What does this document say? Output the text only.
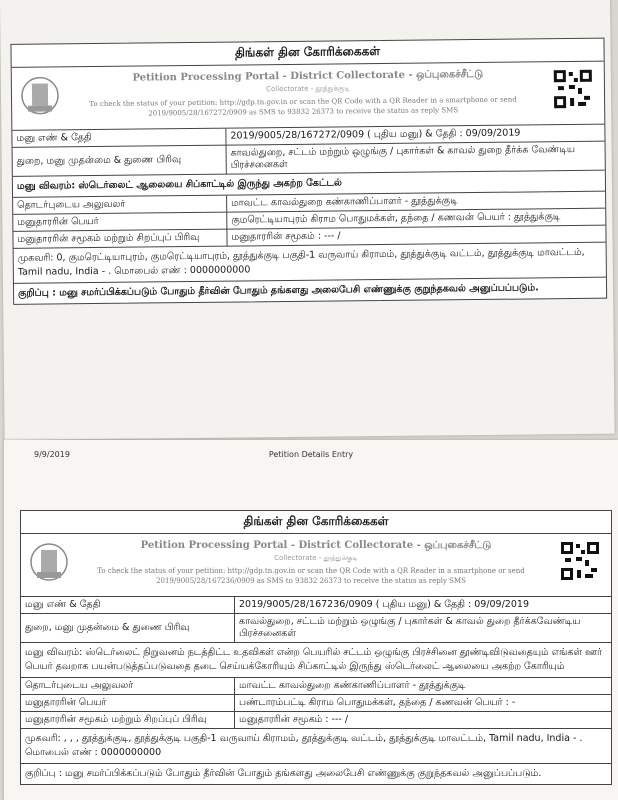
திங்கள் தின கோரிக்கைகள்
Petition Processing Portal - District Collectorate - ஒப்புகைச்சீட்டு
Collectorate - தூத்துக்குடி
To check the status of your petition: http://gdp.tn.gov.in or scan the QR Code with a QR Reader in a smartphone or send 2019/9005/28/167272/0909 as SMS to 93832 26373 to receive the status as reply SMS
மனு எண் & தேதி	2019/9005/28/167272/0909 ( புதிய மனு) & தேதி : 09/09/2019
துறை, மனு முதன்மை & துணை பிரிவு	காவல்துறை, சட்டம் மற்றும் ஒழுங்கு / புகார்கள் & காவல் துறை தீர்க்க வேண்டிய பிரச்சனைகள்
மனு விவரம்: ஸ்டெர்லைட் ஆலையை சிப்காட்டில் இருந்து அகற்ற கேட்டல்
தொடர்புடைய அலுவலர்	மாவட்ட காவல்துறை கண்காணிப்பாளர் - தூத்துக்குடி
மனுதாரரின் பெயர்	குமரெட்டியாபுரம் கிராம பொதுமக்கள், தந்தை / கணவன் பெயர் : தூத்துக்குடி
மனுதாரரின் சமூகம் மற்றும் சிறப்புப் பிரிவு	மனுதாரரின் சமூகம் : --- /
முகவரி: 0, குமரெட்டியாபுரம், குமரெட்டியாபுரம், தூத்துக்குடி பகுதி-1 வருவாய் கிராமம், தூத்துக்குடி வட்டம், தூத்துக்குடி மாவட்டம், Tamil nadu, India - . மொபைல் எண் : 0000000000
குறிப்பு : மனு சமர்ப்பிக்கப்படும் போதும் தீர்வின் போதும் தங்களது அலைபேசி எண்ணுக்கு குறுந்தகவல் அனுப்பப்படும்.
9/9/2019	Petition Details Entry
திங்கள் தின கோரிக்கைகள்
Petition Processing Portal - District Collectorate - ஒப்புகைச்சீட்டு
Collectorate - தூத்துக்குடி
To check the status of your petition: http://gdp.tn.gov.in or scan the QR Code with a QR Reader in a smartphone or send 2019/9005/28/167236/0909 as SMS to 93832 26373 to receive the status as reply SMS
மனு எண் & தேதி	2019/9005/28/167236/0909 ( புதிய மனு) & தேதி : 09/09/2019
துறை, மனு முதன்மை & துணை பிரிவு	காவல்துறை, சட்டம் மற்றும் ஒழுங்கு / புகார்கள் & காவல் துறை தீர்க்கவேண்டிய பிரச்சனைகள்
மனு விவரம்: ஸ்டெர்லைட் நிறுவனம் நடத்திட்ட உதவிகள் என்ற பெயரில் சட்டம் ஒழுங்கு பிரச்சினை தூண்டிவிடுவதையும் எங்கள் ஊர் பெயர் தவறாக பயன்படுத்தப்படுவதை தடை செய்யக்கோரியும் சிப்காட்டில் இருந்து ஸ்டெர்லைட் ஆலையை அகற்ற கோரியும்
தொடர்புடைய அலுவலர்	மாவட்ட காவல்துறை கண்காணிப்பாளர் - தூத்துக்குடி
மனுதாரரின் பெயர்	பண்டாரம்பட்டி கிராம பொதுமக்கள், தந்தை / கணவன் பெயர் : -
மனுதாரரின் சமூகம் மற்றும் சிறப்புப் பிரிவு	மனுதாரரின் சமூகம் : --- /
முகவரி: , , , தூத்துக்குடி, தூத்துக்குடி பகுதி-1 வருவாய் கிராமம், தூத்துக்குடி வட்டம், தூத்துக்குடி மாவட்டம், Tamil nadu, India - . மொபைல் எண் : 0000000000
குறிப்பு : மனு சமர்ப்பிக்கப்படும் போதும் தீர்வின் போதும் தங்களது அலைபேசி எண்ணுக்கு குறுந்தகவல் அனுப்பப்படும்.
